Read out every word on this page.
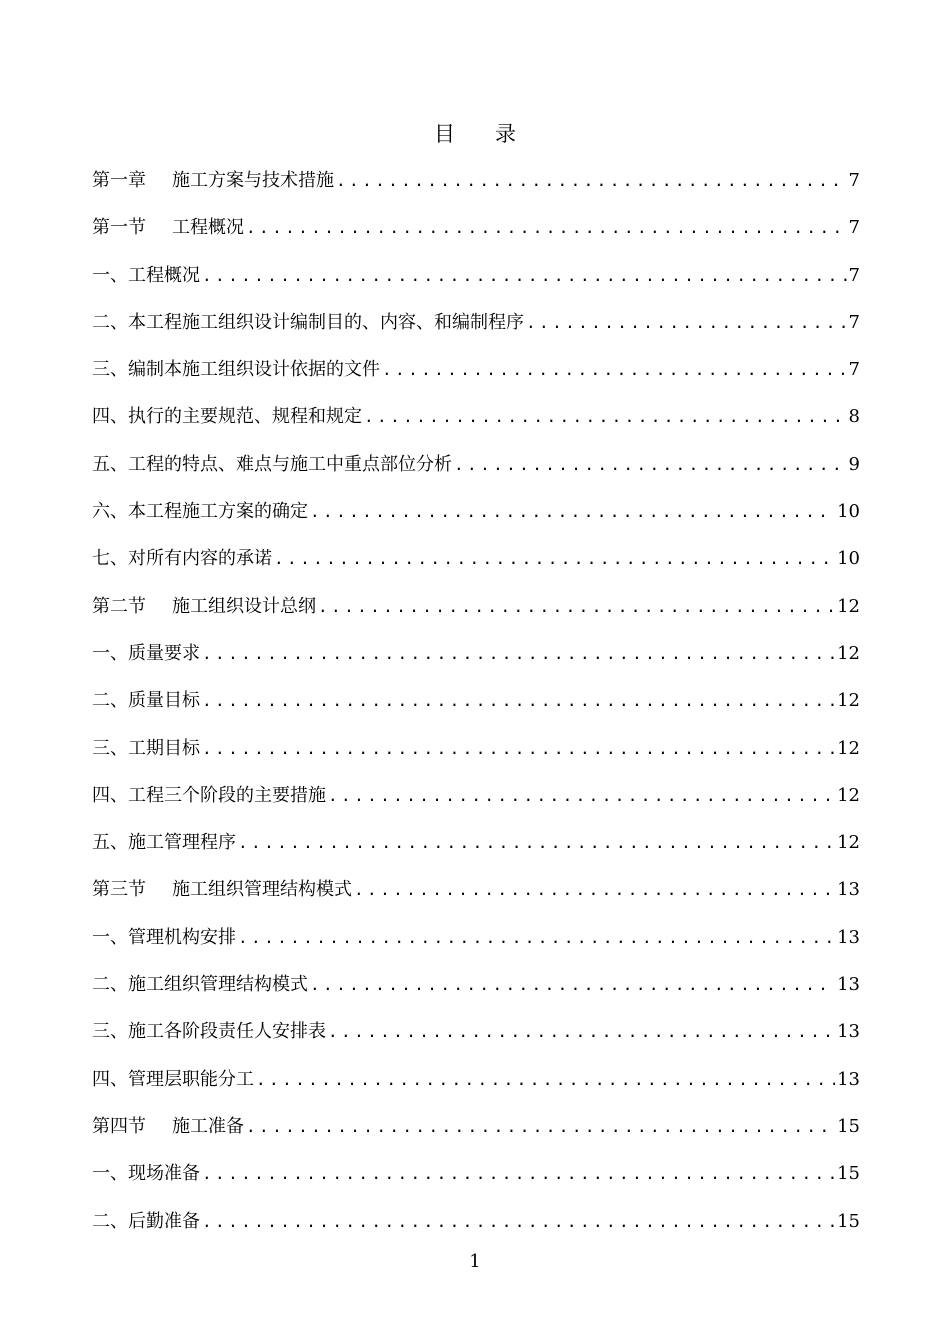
目 录
第一章 施工方案与技术措施 .....	7
第一节 工程概况 .....	7
一、工程概况 .....	7
二、本工程施工组织设计编制目的、内容、和编制程序 .....	7
三、编制本施工组织设计依据的文件 .....	7
四、执行的主要规范、规程和规定 .....	8
五、工程的特点、难点与施工中重点部位分析 .....	9
六、本工程施工方案的确定 .....	10
七、对所有内容的承诺 .....	10
第二节 施工组织设计总纲 .....	12
一、质量要求 .....	12
二、质量目标 .....	12
三、工期目标 .....	12
四、工程三个阶段的主要措施 .....	12
五、施工管理程序 .....	12
第三节 施工组织管理结构模式 .....	13
一、管理机构安排 .....	13
二、施工组织管理结构模式 .....	13
三、施工各阶段责任人安排表 .....	13
四、管理层职能分工 .....	13
第四节 施工准备 .....	15
一、现场准备 .....	15
二、后勤准备 .....	15
1
